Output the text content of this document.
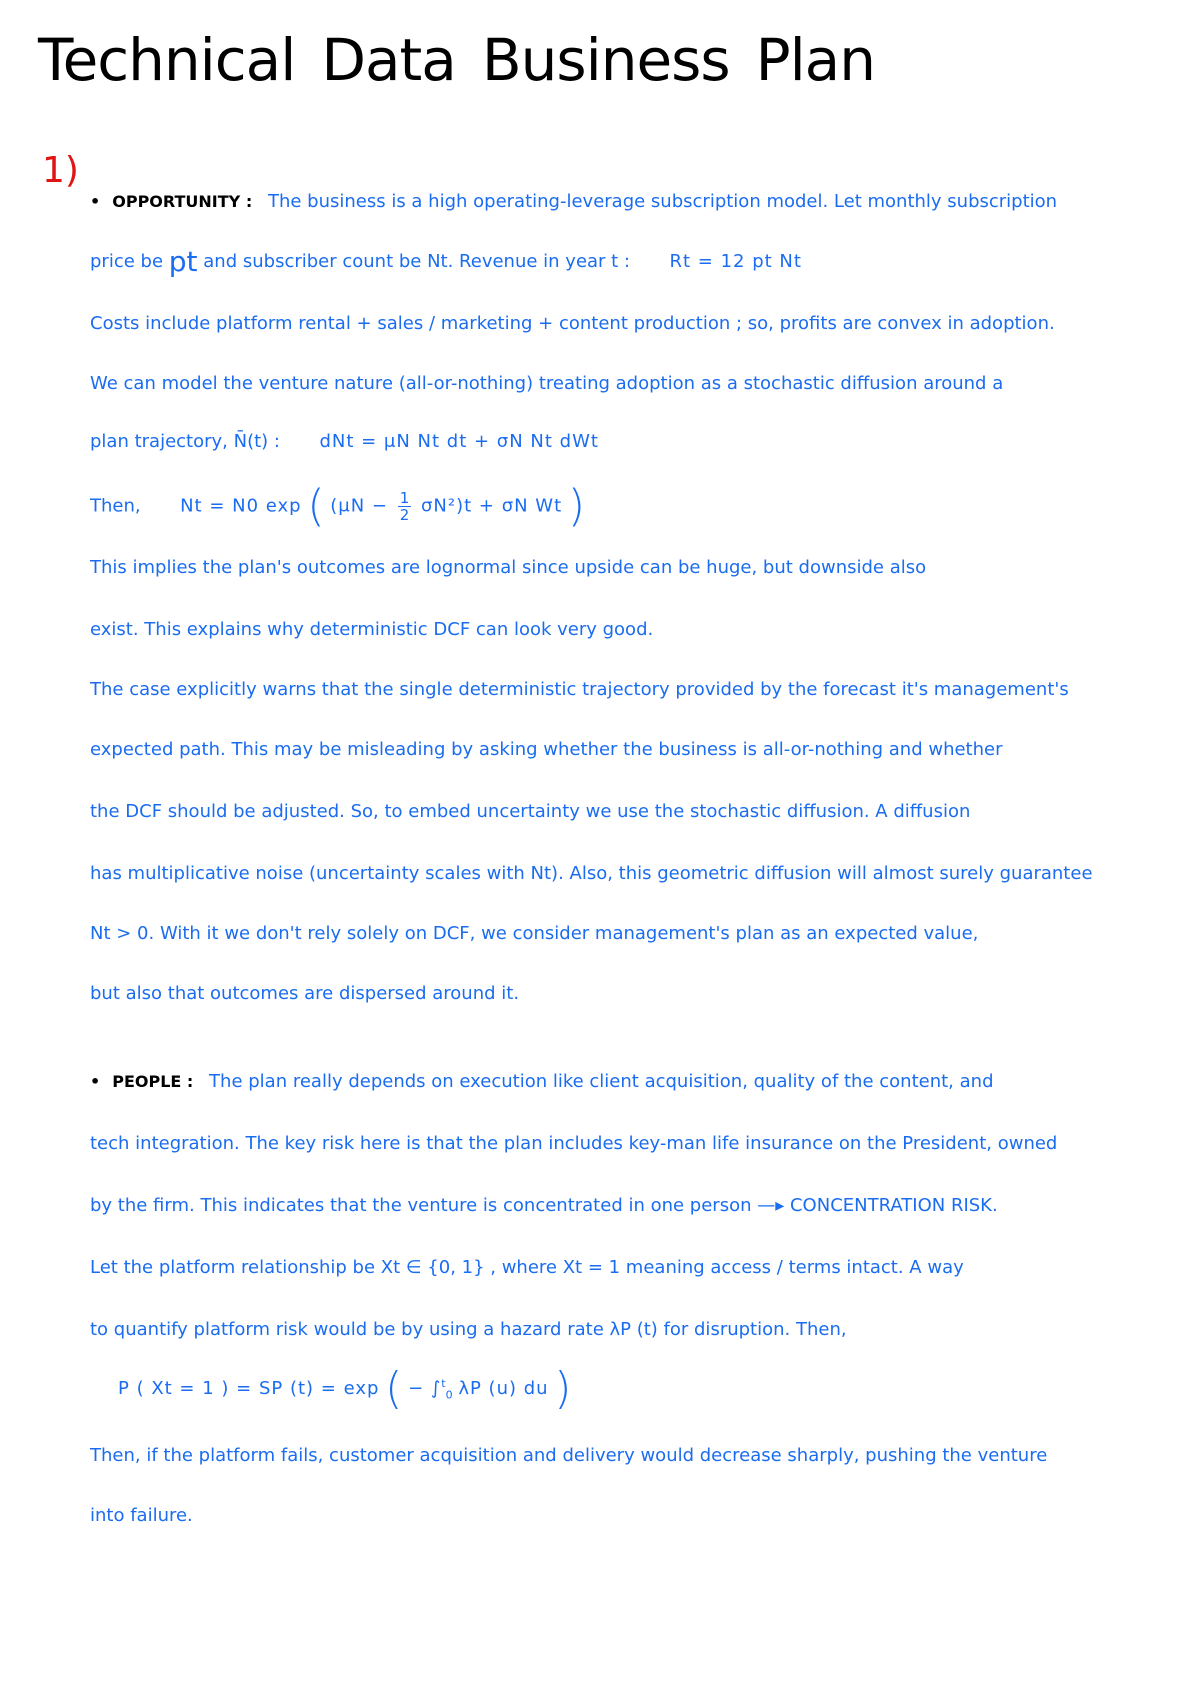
Technical Data Business Plan
1)
• OPPORTUNITY : The business is a high operating-leverage subscription model. Let monthly subscription
price be pt and subscriber count be Nt. Revenue in year t : Rt = 12 pt Nt
Costs include platform rental + sales / marketing + content production ; so, profits are convex in adoption.
We can model the venture nature (all-or-nothing) treating adoption as a stochastic diffusion around a
plan trajectory, N̄(t) : dNt = μN Nt dt + σN Nt dWt
Then, Nt = N0 exp ( $(\mu N - \frac{1}{2} \sigma N^2)t + \sigma N$ Wt )
This implies the plan's outcomes are lognormal since upside can be huge, but downside also
exist. This explains why deterministic DCF can look very good.
The case explicitly warns that the single deterministic trajectory provided by the forecast it's management's
expected path. This may be misleading by asking whether the business is all-or-nothing and whether
the DCF should be adjusted. So, to embed uncertainty we use the stochastic diffusion. A diffusion
has multiplicative noise (uncertainty scales with Nt). Also, this geometric diffusion will almost surely guarantee
Nt > 0. With it we don't rely solely on DCF, we consider management's plan as an expected value,
but also that outcomes are dispersed around it.
• PEOPLE : The plan really depends on execution like client acquisition, quality of the content, and
tech integration. The key risk here is that the plan includes key-man life insurance on the President, owned
by the firm. This indicates that the venture is concentrated in one person —▸ CONCENTRATION RISK.
Let the platform relationship be Xt ∈ {0, 1} , where Xt = 1 meaning access / terms intact. A way
to quantify platform risk would be by using a hazard rate λP (t) for disruption. Then,
P ( Xt = 1 ) = SP (t) = exp ( − ∫$^t_0$ λP (u) du )
Then, if the platform fails, customer acquisition and delivery would decrease sharply, pushing the venture
into failure.
